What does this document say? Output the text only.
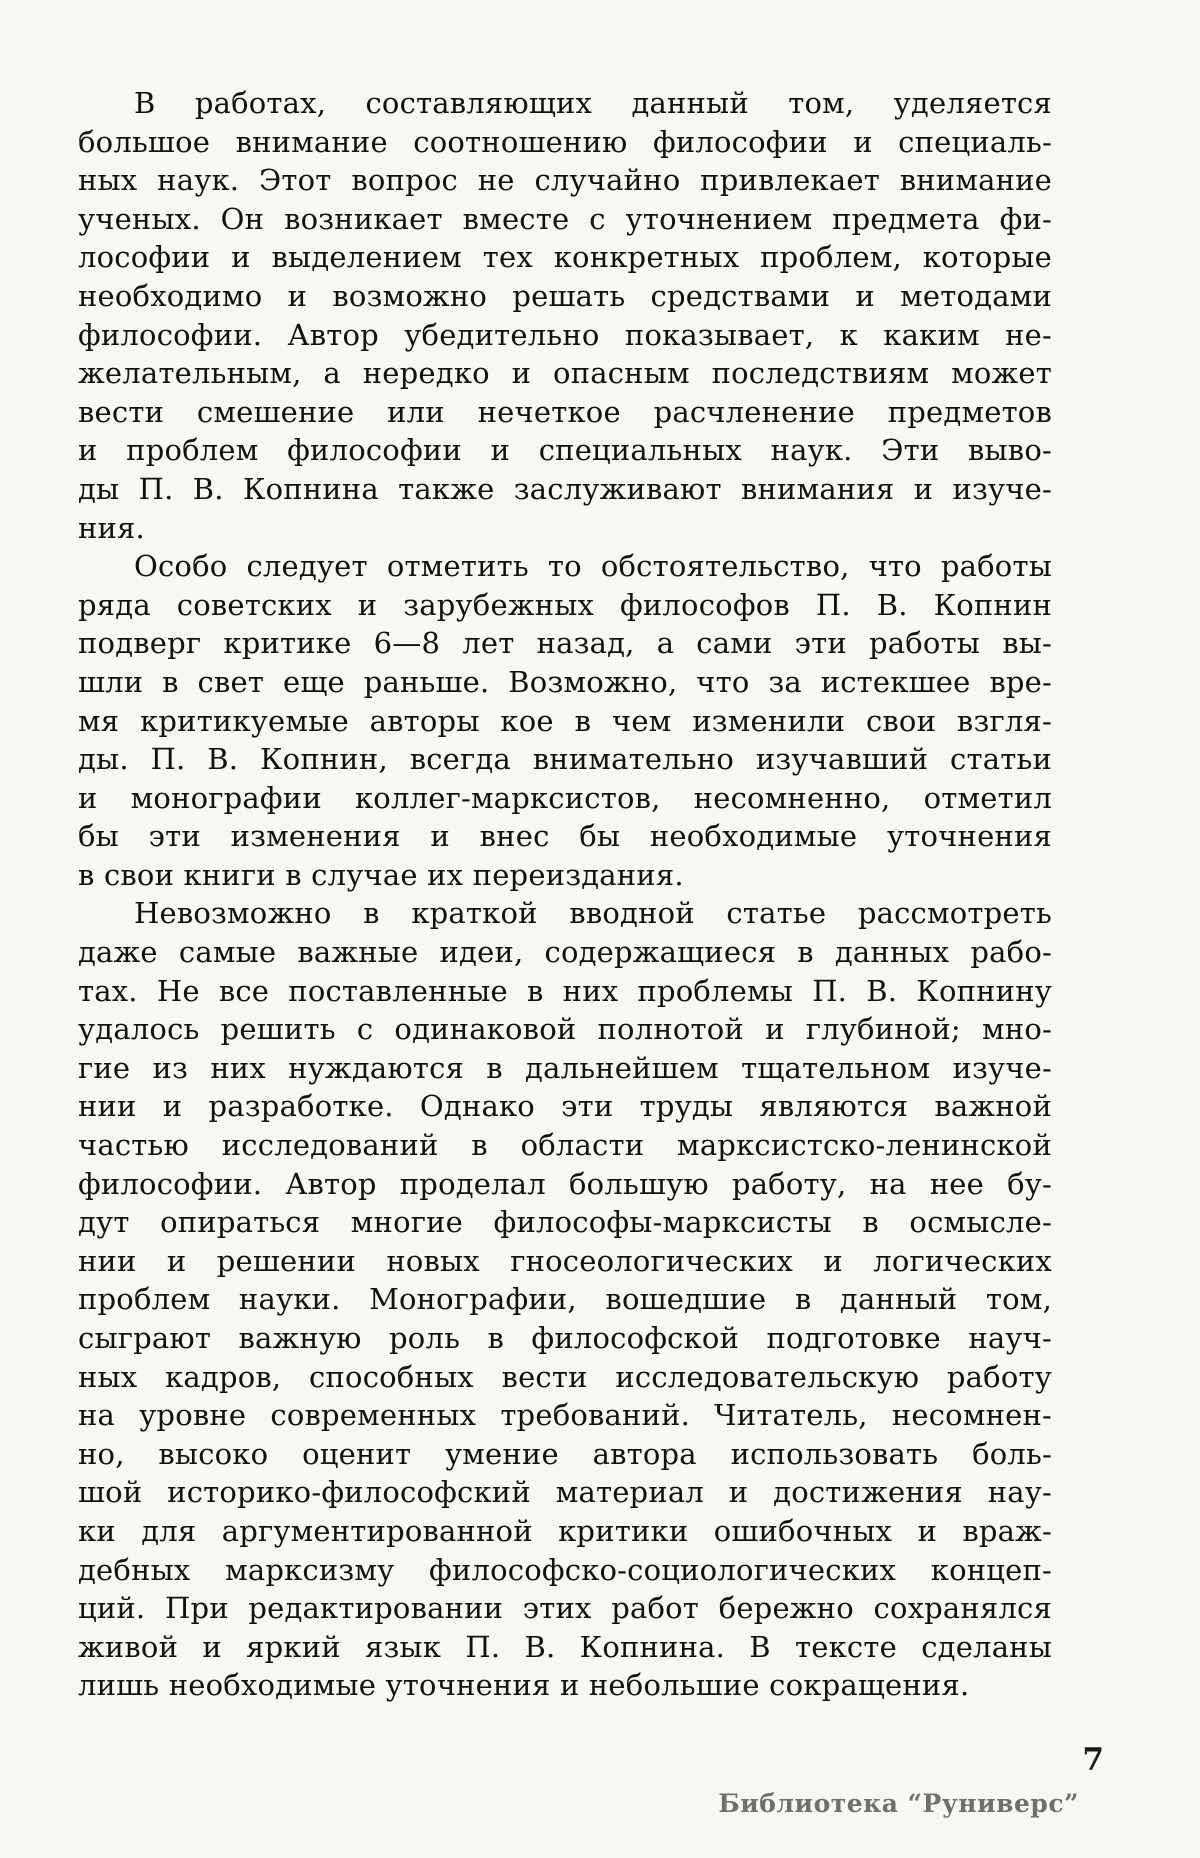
В работах, составляющих данный том, уделяется
большое внимание соотношению философии и специаль-
ных наук. Этот вопрос не случайно привлекает внимание
ученых. Он возникает вместе с уточнением предмета фи-
лософии и выделением тех конкретных проблем, которые
необходимо и возможно решать средствами и методами
философии. Автор убедительно показывает, к каким не-
желательным, а нередко и опасным последствиям может
вести смешение или нечеткое расчленение предметов
и проблем философии и специальных наук. Эти выво-
ды П. В. Копнина также заслуживают внимания и изуче-
ния.
Особо следует отметить то обстоятельство, что работы
ряда советских и зарубежных философов П. В. Копнин
подверг критике 6—8 лет назад, а сами эти работы вы-
шли в свет еще раньше. Возможно, что за истекшее вре-
мя критикуемые авторы кое в чем изменили свои взгля-
ды. П. В. Копнин, всегда внимательно изучавший статьи
и монографии коллег-марксистов, несомненно, отметил
бы эти изменения и внес бы необходимые уточнения
в свои книги в случае их переиздания.
Невозможно в краткой вводной статье рассмотреть
даже самые важные идеи, содержащиеся в данных рабо-
тах. Не все поставленные в них проблемы П. В. Копнину
удалось решить с одинаковой полнотой и глубиной; мно-
гие из них нуждаются в дальнейшем тщательном изуче-
нии и разработке. Однако эти труды являются важной
частью исследований в области марксистско-ленинской
философии. Автор проделал большую работу, на нее бу-
дут опираться многие философы-марксисты в осмысле-
нии и решении новых гносеологических и логических
проблем науки. Монографии, вошедшие в данный том,
сыграют важную роль в философской подготовке науч-
ных кадров, способных вести исследовательскую работу
на уровне современных требований. Читатель, несомнен-
но, высоко оценит умение автора использовать боль-
шой историко-философский материал и достижения нау-
ки для аргументированной критики ошибочных и враж-
дебных марксизму философско-социологических концеп-
ций. При редактировании этих работ бережно сохранялся
живой и яркий язык П. В. Копнина. В тексте сделаны
лишь необходимые уточнения и небольшие сокращения.
7
Библиотека “Руниверс”
